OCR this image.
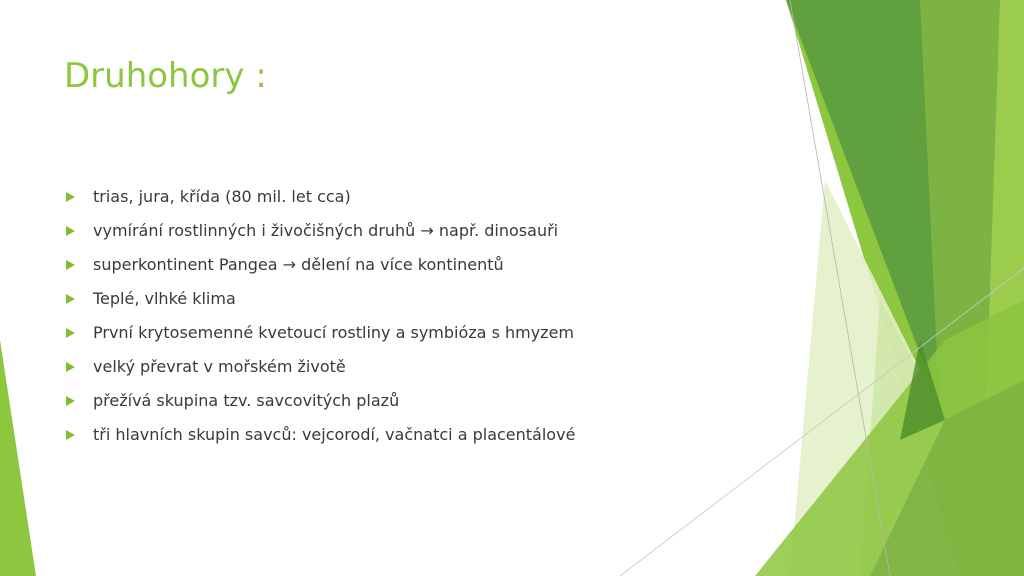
Druhohory :
trias, jura, křída (80 mil. let cca)
vymírání rostlinných i živočišných druhů → např. dinosauři
superkontinent Pangea → dělení na více kontinentů
Teplé, vlhké klima
První krytosemenné kvetoucí rostliny a symbióza s hmyzem
velký převrat v mořském životě
přežívá skupina tzv. savcovitých plazů
tři hlavních skupin savců: vejcorodí, vačnatci a placentálové
